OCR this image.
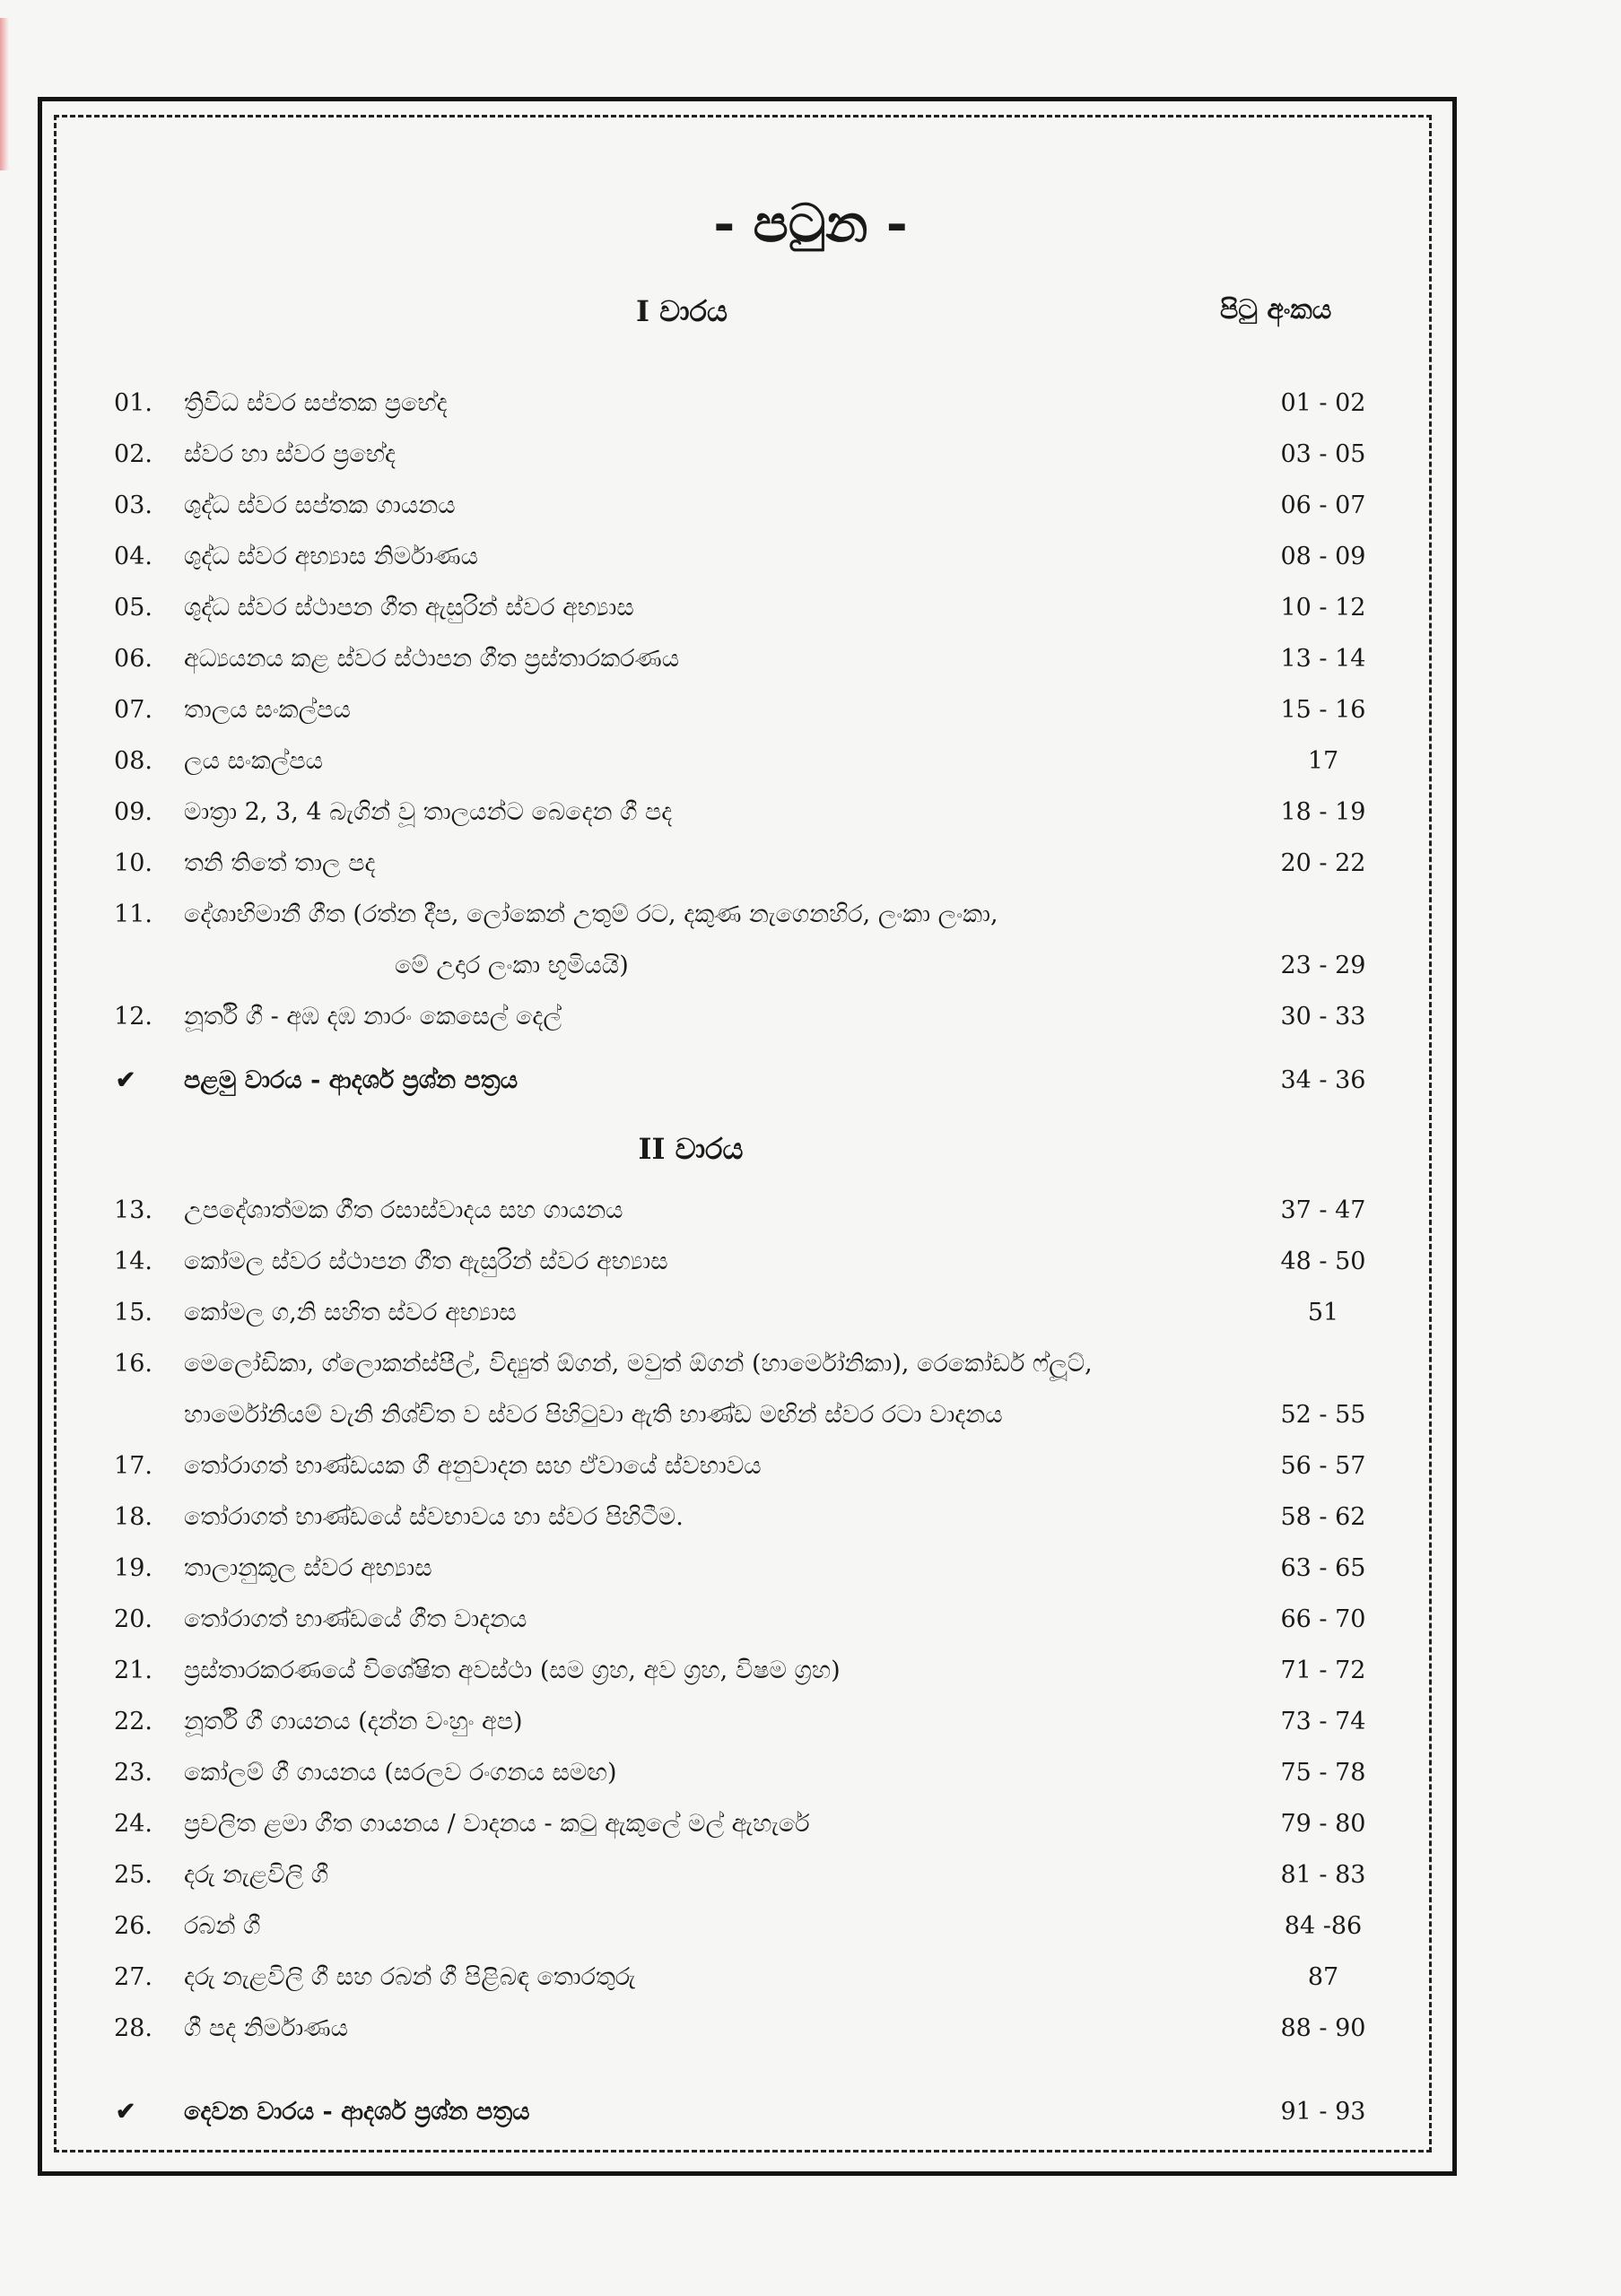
- පටුන -
I වාරය	පිටු අංකය
01. ත්‍රිවිධ ස්වර සප්තක ප්‍රභේද	01 - 02
02. ස්වර හා ස්වර ප්‍රභේද	03 - 05
03. ශුද්ධ ස්වර සප්තක ගායනය	06 - 07
04. ශුද්ධ ස්වර අභ්‍යාස නිර්මාණය	08 - 09
05. ශුද්ධ ස්වර ස්ථාපන ගීත ඇසුරින් ස්වර අභ්‍යාස	10 - 12
06. අධ්‍යයනය කළ ස්වර ස්ථාපන ගීත ප්‍රස්තාරකරණය	13 - 14
07. තාලය සංකල්පය	15 - 16
08. ලය සංකල්පය	17
09. මාත්‍රා 2, 3, 4 බැගින් වූ තාලයන්ට බෙදෙන ගී පද	18 - 19
10. තනි තිතේ තාල පද	20 - 22
11. දේශාභිමානී ගීත (රත්න දීප, ලෝකෙන් උතුම් රට, දකුණ නැගෙනහිර, ලංකා ලංකා,
මේ උදාර ලංකා භූමියයි)	23 - 29
12. නූර්ති ගී - අඹ දඹ නාරං කෙසෙල් දෙල්	30 - 33
✔	පළමු වාරය - ආදර්ශ ප්‍රශ්න පත්‍රය	34 - 36
II වාරය
13. උපදේශාත්මක ගීත රසාස්වාදය සහ ගායනය	37 - 47
14. කෝමල ස්වර ස්ථාපන ගීත ඇසුරින් ස්වර අභ්‍යාස	48 - 50
15. කෝමල ග,නි සහිත ස්වර අභ්‍යාස	51
16. මෙලෝඩිකා, ග්ලොකන්ස්පීල්, විද්‍යුත් ඕගන්, මවුත් ඕගන් (හාර්මෝනිකා), රෙකෝඩර් ෆ්ලූට්,
හාර්මෝනියම් වැනි නිශ්චිත ව ස්වර පිහිටුවා ඇති භාණ්ඩ මඟින් ස්වර රටා වාදනය	52 - 55
17. තෝරාගත් භාණ්ඩයක ගී අනුවාදන සහ ඒවායේ ස්වභාවය	56 - 57
18. තෝරාගත් භාණ්ඩයේ ස්වභාවය හා ස්වර පිහිටීම.	58 - 62
19. තාලානුකූල ස්වර අභ්‍යාස	63 - 65
20. තෝරාගත් භාණ්ඩයේ ගීත වාදනය	66 - 70
21. ප්‍රස්තාරකරණයේ විශේෂිත අවස්ථා (සම ග්‍රහ, අව ග්‍රහ, විෂම ග්‍රහ)	71 - 72
22. නූර්ති ගී ගායනය (දන්න වංහුං අප)	73 - 74
23. කෝලම් ගී ගායනය (සරලව රංගනය සමඟ)	75 - 78
24. ප්‍රචලිත ළමා ගීත ගායනය / වාදනය - කටු ඇකුලේ මල් ඇහැරේ	79 - 80
25. දරු නැළවිලි ගී	81 - 83
26. රබන් ගී	84 -86
27. දරු නැළවිලි ගී සහ රබන් ගී පිළිබඳ තොරතුරු	87
28. ගී පද නිර්මාණය	88 - 90
✔	දෙවන වාරය - ආදර්ශ ප්‍රශ්න පත්‍රය	91 - 93
